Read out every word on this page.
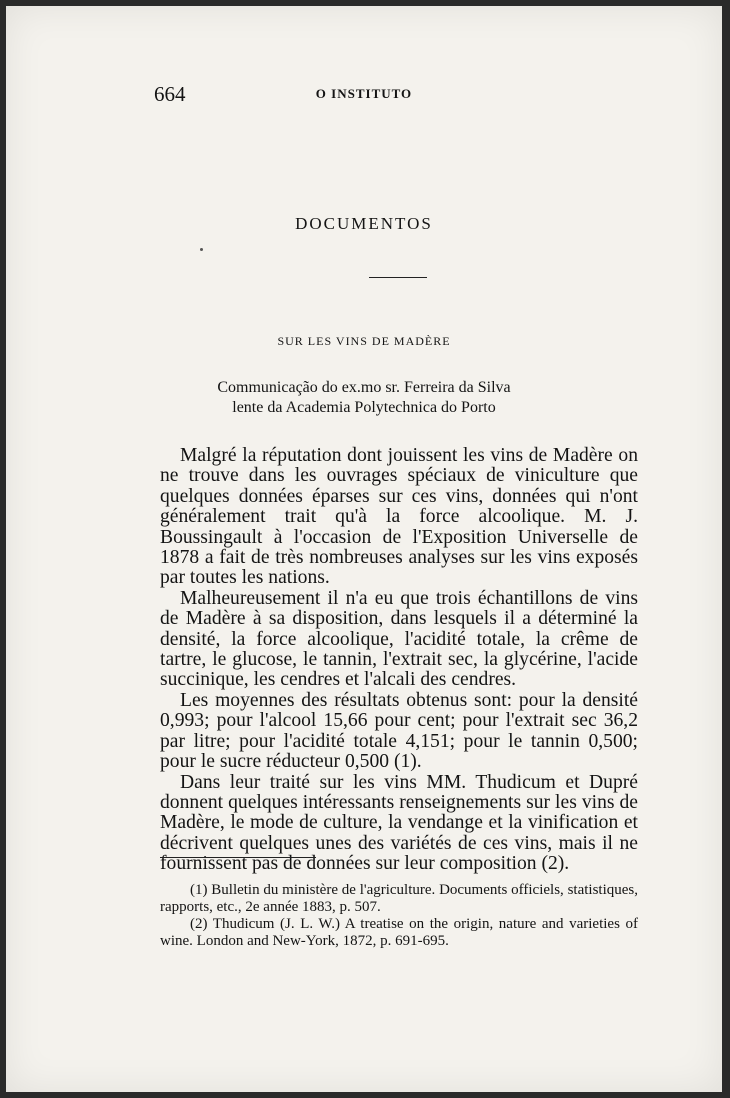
664	O INSTITUTO
DOCUMENTOS
SUR LES VINS DE MADÈRE
Communicação do ex.mo sr. Ferreira da Silva
lente da Academia Polytechnica do Porto

Malgré la réputation dont jouissent les vins de Madère on ne trouve dans les ouvrages spéciaux de viniculture que quelques données éparses sur ces vins, données qui n'ont généralement trait qu'à la force alcoolique. M. J. Boussingault à l'occasion de l'Exposition Universelle de 1878 a fait de très nombreuses analyses sur les vins exposés par toutes les nations.

Malheureusement il n'a eu que trois échantillons de vins de Madère à sa disposition, dans lesquels il a déterminé la densité, la force alcoolique, l'acidité totale, la crême de tartre, le glucose, le tannin, l'extrait sec, la glycérine, l'acide succinique, les cendres et l'alcali des cendres.

Les moyennes des résultats obtenus sont: pour la densité 0,993; pour l'alcool 15,66 pour cent; pour l'extrait sec 36,2 par litre; pour l'acidité totale 4,151; pour le tannin 0,500; pour le sucre réducteur 0,500 (1).

Dans leur traité sur les vins MM. Thudicum et Dupré donnent quelques intéressants renseignements sur les vins de Madère, le mode de culture, la vendange et la vinification et décrivent quelques unes des variétés de ces vins, mais il ne fournissent pas de données sur leur composition (2).

(1) Bulletin du ministère de l'agriculture. Documents officiels, statistiques, rapports, etc., 2e année 1883, p. 507.

(2) Thudicum (J. L. W.) A treatise on the origin, nature and varieties of wine. London and New-York, 1872, p. 691-695.
